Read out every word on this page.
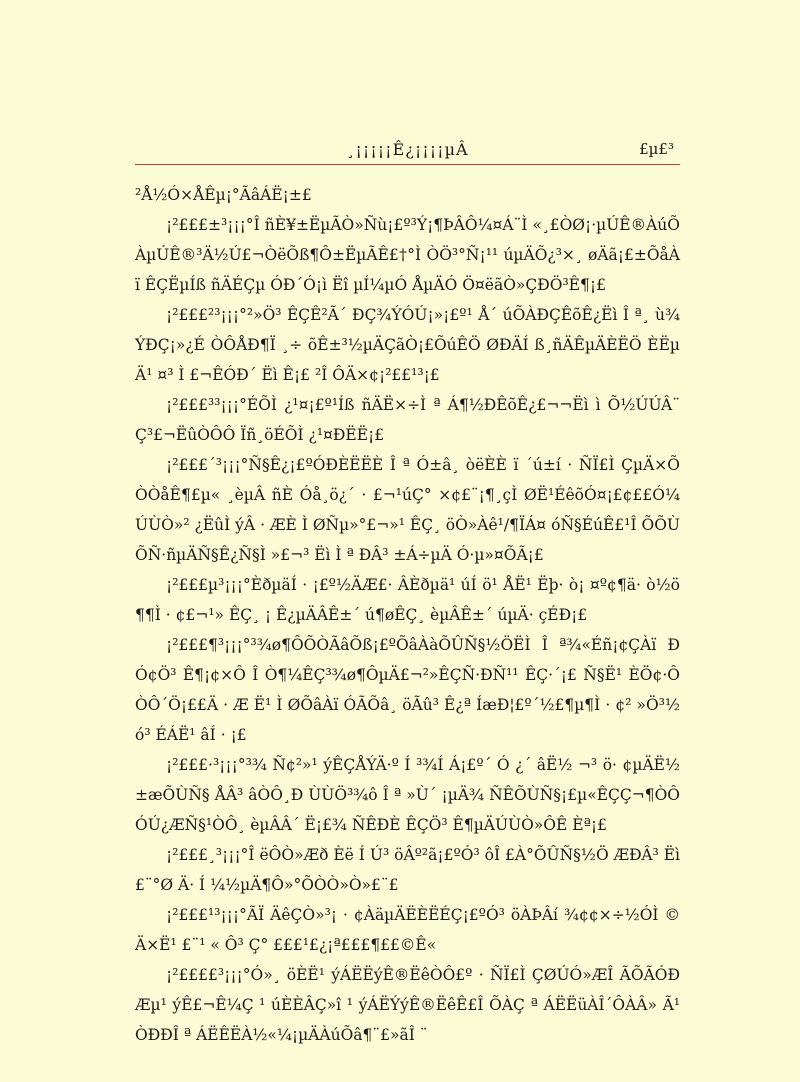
¸¡¡¡¡¡Ê¿¡¡¡¡µÂ	£µ£³

²Å½Ó×ÅÊµ¡°ÃâÁË¡±£

¡²£££±³¡¡¡°Î ñÈ¥±ËµÃÒ»Ñù¡£º³Ý¡¶ÞÂÔ¼¤Á¨Ì «¸£ÒØ¡·µÚÊ®ÀúÕÀµÚÊ®³Ä½Ú£¬ÒëÕß¶Ô±ËµÃÊ£†°Ì ÒÖ³°Ñ¡¹¹ úµÄÕ¿³×¸ øÄã¡£±ÕåÀï ÊÇËµÍß ñÄÉÇµ ÓÐ´Ó¡ì Ëî µÍ¼µÓ ÅµÄÓ Ö¤ëãÒ»ÇÐÖ³Ê¶¡£

¡²£££²³¡¡¡°²»Ö³ ÊÇÊ²Ã´ ÐÇ¾ÝÓÚ¡»¡£º¹ Å´ úÕÀÐÇÊõÊ¿Ëì Î ª¸ ù¾ÝÐÇ¡»¿É ÒÔÅÐ¶Ï ¸÷ õÊ±³½µÄÇãÒ¡£ÕúÊÖ ØÐÄÍ ß¸ñÄÊµÄÈËÖ ÈËµÄ¹ ¤³ Ì £¬ÊÓÐ´ Ëì Ê¡£ ²Î ÔÄ×¢¡²££¹³¡£

¡²£££³³¡¡¡°ÉÕÌ ¿¹¤¡£º¹Íß ñÄË×÷Ì ª Á¶½ÐÊõÊ¿£¬¬Ëì ì Õ½ÚÚÂ¨ Ç³£¬ËûÒÔÔ Ïñ¸öÉÕÌ ¿¹¤ÐËË¡£

¡²£££´³¡¡¡°Ñ§Ê¿¡£ºÓÐÈËËÈ Î ª Ó±â¸ òëÈÈ ï ´ú±í · ÑÏ£Ì ÇµÄ×Õ ÒÒåÊ¶£µ« ¸èµÂ ñÈ Óå¸ö¿´ · £¬¹úÇ° ×¢£¨¡¶¸çÌ ØË¹ÉêõÓ¤¡£¢££Ó¼ÚÙÒ»² ¿ËûÌ ýÂ · ÆÈ Ì ØÑµ»°£¬»¹ ÊÇ¸ öÒ»Àê¹/¶ÏÁ¤ óÑ§ÉúÊ£¹Î ÕÕÙÕÑ·ñµÄÑ§Ê¿Ñ§Ì »£¬³ Ëì Ì ª ÐÂ³ ±Á÷µÄ Ó·µ»¤ÕÃ¡£

¡²£££µ³¡¡¡°ÈðµäÍ · ¡£º½ÄÆ£· ÂÈðµä¹ úÍ ö¹ ÅË¹ Ëþ· ò¡ ¤º¢¶ä· ò½ö¶¶Ì · ¢£¬¹» ÊÇ¸ ¡ Ê¿µÄÂÊ±´ ú¶øÊÇ¸ èµÂÊ±´ úµÄ· çÉÐ¡£

¡²£££¶³¡¡¡°³¾ø¶ÔÕÒÃâÕß¡£ºÕâÀàÕÛÑ§½ÖËÌ Î ª¾«Éñ¡¢ÇÀï ÐÓ¢Ö³ Ê¶¡¢×Ô Î Ò¶¼ÊÇ³¾ø¶ÔµÄ£¬²»ÊÇÑ·ÐÑ¹¹ ÊÇ·´¡£ Ñ§Ë¹ ÈÖ¢·ÔÒÔ´Ö¡££Ä · Æ Ë¹ Ì ØÕâÀï ÓÃÕâ¸ öÃû³ Ê¿ª ÍæÐ¦£º´½£¶µ¶Ì · ¢² »Ö³½ó³ ÉÁË¹ âÍ · ¡£

¡²£££·³¡¡¡°³¾ Ñ¢²»¹ ýÊÇÅÝÄ·º Í ³¾Í Á¡£º´ Ó ¿´ âË½ ¬³ ö· ¢µÄË½±æÕÙÑ§ ÅÂ³ âÒÔ¸Ð ÙÙÖ³¾ô Î ª »Ù´ ¡µÄ¾ ÑÊÕÙÑ§¡£µ«ÊÇÇ¬¶ÒÔÓÚ¿ÆÑ§¹ÒÔ¸ èµÂÂ´ Ë¡£¾ ÑÊÐÈ ÊÇÖ³ Ê¶µÄÚÙÒ»ÔÊ Èª¡£

¡²£££¸³¡¡¡°Î ëÔÒ»Æð Èë Í Ú³ öÂº²ã¡£ºÓ³ ôÎ £À°ÕÛÑ§½Ö ÆÐÂ³ Ëì £¨°Ø Ä· Í ¼½µÄ¶Ô»°ÕÒÒ»Ò»£¨£

¡²£££¹³¡¡¡°ÃÏ ÄêÇÒ»³¡ · ¢ÀäµÄËÈËÉÇ¡£ºÓ³ öÀÞÂí ¾¢¢×÷½ÓÌ ©Ä×Ë¹ £¨¹ « Ô³ Ç° £££¹£¿¡ª£££¶££©Ê«

¡²££££³¡¡¡°Ó»¸ öÈË¹ ýÁËËýÊ®ËêÒÔ£º · ÑÏ£Ì ÇØÚÓ»ÆÎ ÃÕÃÓÐÆµ¹ ýÊ£¬Ê¼Ç ¹ úÈÈÂÇ»î ¹ ýÁËÝýÊ®ËêÊ£Î ÕÀÇ ª ÁËËüÀÎ´ÔÀÂ» Ã¹ÒÐÐÎ ª ÁËÊËÀ½«¼¡µÄÀúÕâ¶¨£»ãÎ ¨
